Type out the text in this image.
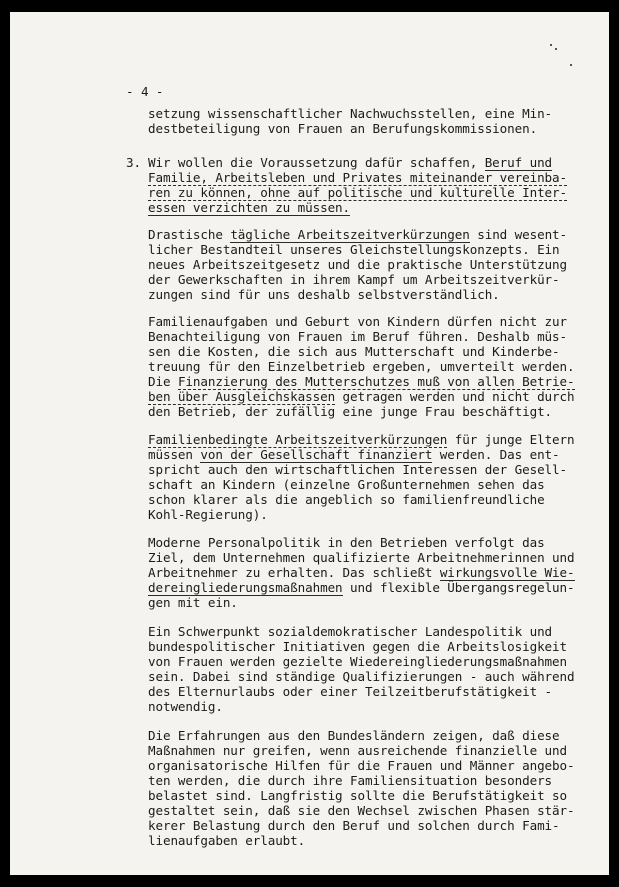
- 4 -
setzung wissenschaftlicher Nachwuchsstellen, eine Min-
destbeteiligung von Frauen an Berufungskommissionen.
3. Wir wollen die Voraussetzung dafür schaffen, Beruf und
Familie, Arbeitsleben und Privates miteinander vereinba-
ren zu können, ohne auf politische und kulturelle Inter-
essen verzichten zu müssen.
Drastische tägliche Arbeitszeitverkürzungen sind wesent-
licher Bestandteil unseres Gleichstellungskonzepts. Ein
neues Arbeitszeitgesetz und die praktische Unterstützung
der Gewerkschaften in ihrem Kampf um Arbeitszeitverkür-
zungen sind für uns deshalb selbstverständlich.
Familienaufgaben und Geburt von Kindern dürfen nicht zur
Benachteiligung von Frauen im Beruf führen. Deshalb müs-
sen die Kosten, die sich aus Mutterschaft und Kinderbe-
treuung für den Einzelbetrieb ergeben, umverteilt werden.
Die Finanzierung des Mutterschutzes muß von allen Betrie-
ben über Ausgleichskassen getragen werden und nicht durch
den Betrieb, der zufällig eine junge Frau beschäftigt.
Familienbedingte Arbeitszeitverkürzungen für junge Eltern
müssen von der Gesellschaft finanziert werden. Das ent-
spricht auch den wirtschaftlichen Interessen der Gesell-
schaft an Kindern (einzelne Großunternehmen sehen das
schon klarer als die angeblich so familienfreundliche
Kohl-Regierung).
Moderne Personalpolitik in den Betrieben verfolgt das
Ziel, dem Unternehmen qualifizierte Arbeitnehmerinnen und
Arbeitnehmer zu erhalten. Das schließt wirkungsvolle Wie-
dereingliederungsmaßnahmen und flexible Übergangsregelun-
gen mit ein.
Ein Schwerpunkt sozialdemokratischer Landespolitik und
bundespolitischer Initiativen gegen die Arbeitslosigkeit
von Frauen werden gezielte Wiedereingliederungsmaßnahmen
sein. Dabei sind ständige Qualifizierungen - auch während
des Elternurlaubs oder einer Teilzeitberufstätigkeit -
notwendig.
Die Erfahrungen aus den Bundesländern zeigen, daß diese
Maßnahmen nur greifen, wenn ausreichende finanzielle und
organisatorische Hilfen für die Frauen und Männer angebo-
ten werden, die durch ihre Familiensituation besonders
belastet sind. Langfristig sollte die Berufstätigkeit so
gestaltet sein, daß sie den Wechsel zwischen Phasen stär-
kerer Belastung durch den Beruf und solchen durch Fami-
lienaufgaben erlaubt.
